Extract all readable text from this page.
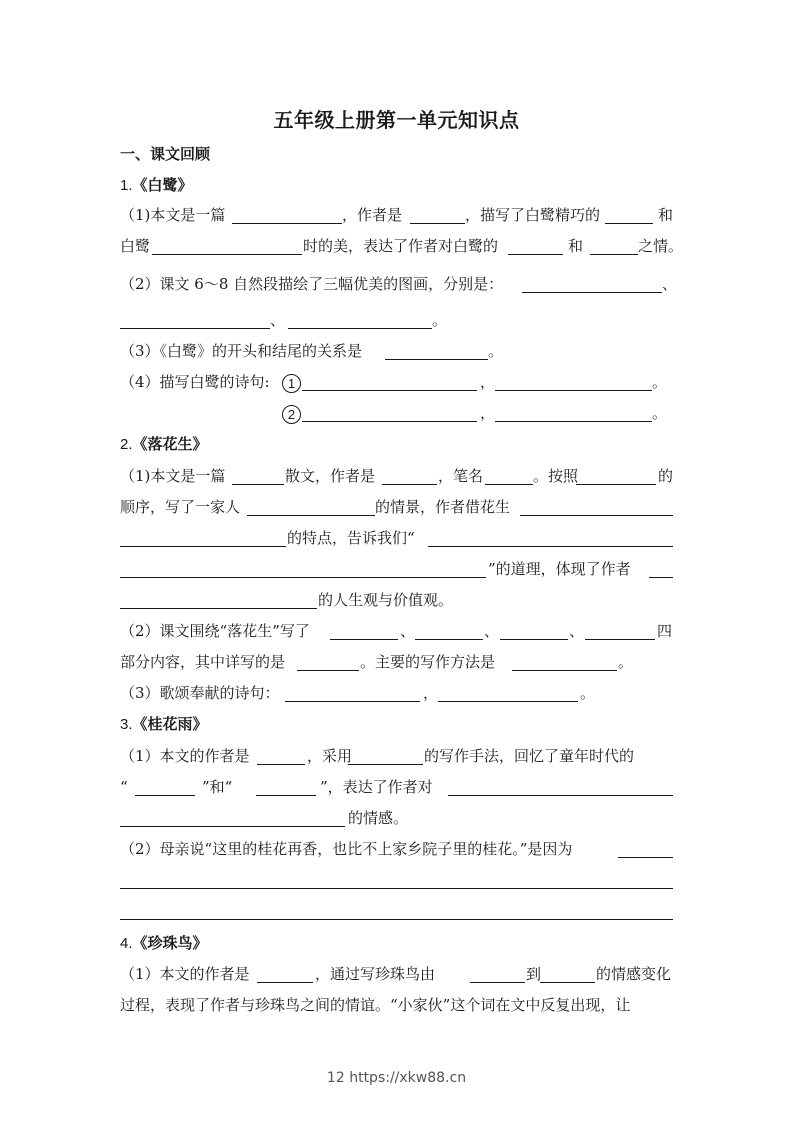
五年级上册第一单元知识点
一、课文回顾
1.《白鹭》
（1)本文是一篇	，作者是	，描写了白鹭精巧的	和
白鹭	时的美，表达了作者对白鹭的	和	之情。
（2）课文 6～8 自然段描绘了三幅优美的图画，分别是：	、
、	。
（3）《白鹭》的开头和结尾的关系是	。
（4）描写白鹭的诗句:	1	，	。
2	，	。
2.《落花生》
（1)本文是一篇	散文，作者是	，笔名	。按照	的
顺序，写了一家人	的情景，作者借花生
的特点，告诉我们“
”的道理，体现了作者
的人生观与价值观。
（2）课文围绕“落花生”写了	、	、	、	四
部分内容，其中详写的是	。主要的写作方法是	。
（3）歌颂奉献的诗句：	，	。
3.《桂花雨》
（1）本文的作者是	，采用	的写作手法，回忆了童年时代的
“	”和“	”，表达了作者对
的情感。
（2）母亲说“这里的桂花再香，也比不上家乡院子里的桂花。”是因为
4.《珍珠鸟》
（1）本文的作者是	，通过写珍珠鸟由	到	的情感变化
过程，表现了作者与珍珠鸟之间的情谊。“小家伙”这个词在文中反复出现，让
12 https://xkw88.cn
